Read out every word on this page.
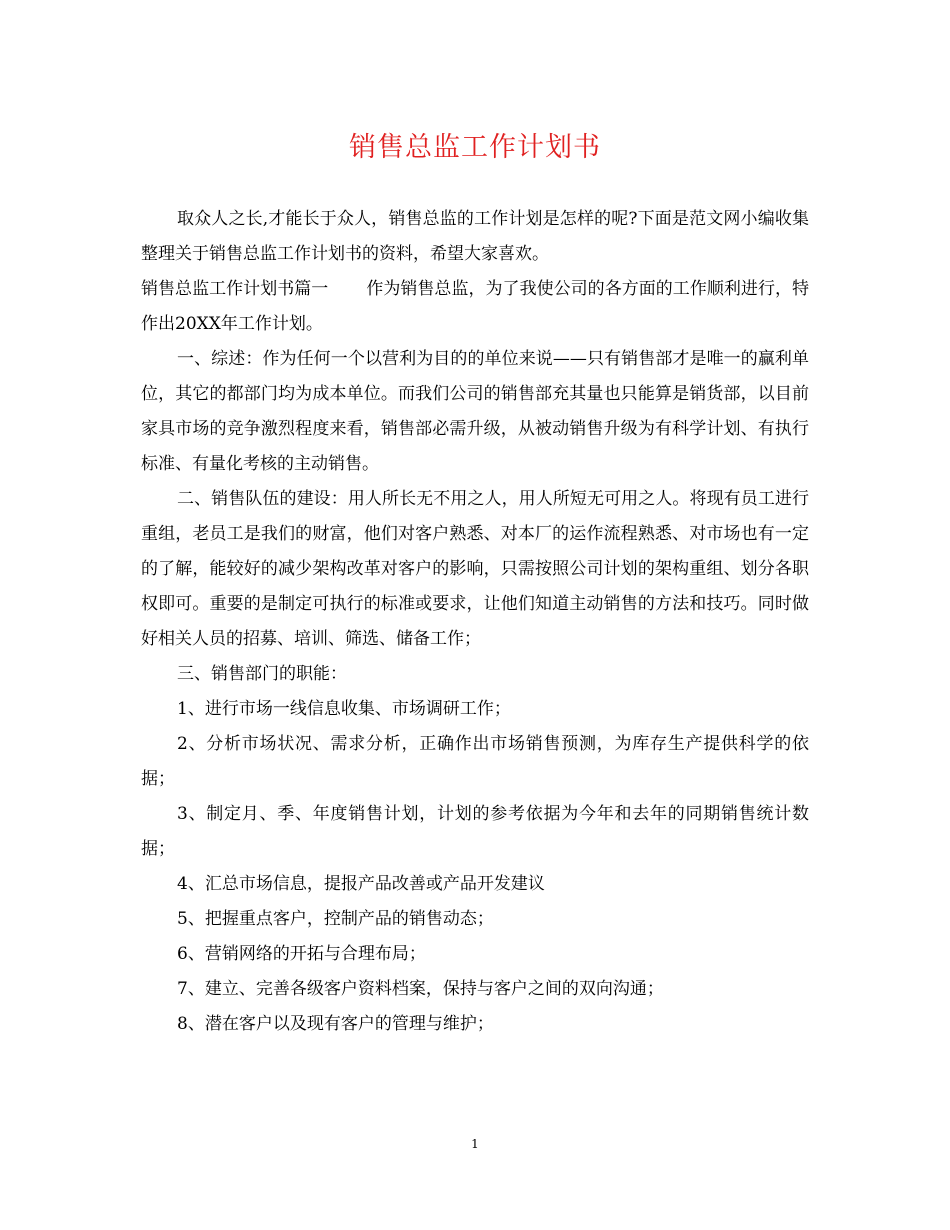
销售总监工作计划书

取众人之长,才能长于众人，销售总监的工作计划是怎样的呢?下面是范文网小编收集整理关于销售总监工作计划书的资料，希望大家喜欢。

销售总监工作计划书篇一 作为销售总监，为了我使公司的各方面的工作顺利进行，特作出20XX年工作计划。

一、综述：作为任何一个以营利为目的的单位来说——只有销售部才是唯一的赢利单位，其它的都部门均为成本单位。而我们公司的销售部充其量也只能算是销货部，以目前家具市场的竞争激烈程度来看，销售部必需升级，从被动销售升级为有科学计划、有执行标准、有量化考核的主动销售。

二、销售队伍的建设：用人所长无不用之人，用人所短无可用之人。将现有员工进行重组，老员工是我们的财富，他们对客户熟悉、对本厂的运作流程熟悉、对市场也有一定的了解，能较好的减少架构改革对客户的影响，只需按照公司计划的架构重组、划分各职权即可。重要的是制定可执行的标准或要求，让他们知道主动销售的方法和技巧。同时做好相关人员的招募、培训、筛选、储备工作；

三、销售部门的职能：

1、进行市场一线信息收集、市场调研工作；

2、分析市场状况、需求分析，正确作出市场销售预测，为库存生产提供科学的依据；

3、制定月、季、年度销售计划，计划的参考依据为今年和去年的同期销售统计数据；

4、汇总市场信息，提报产品改善或产品开发建议

5、把握重点客户，控制产品的销售动态；

6、营销网络的开拓与合理布局；

7、建立、完善各级客户资料档案，保持与客户之间的双向沟通；

8、潜在客户以及现有客户的管理与维护；

1
